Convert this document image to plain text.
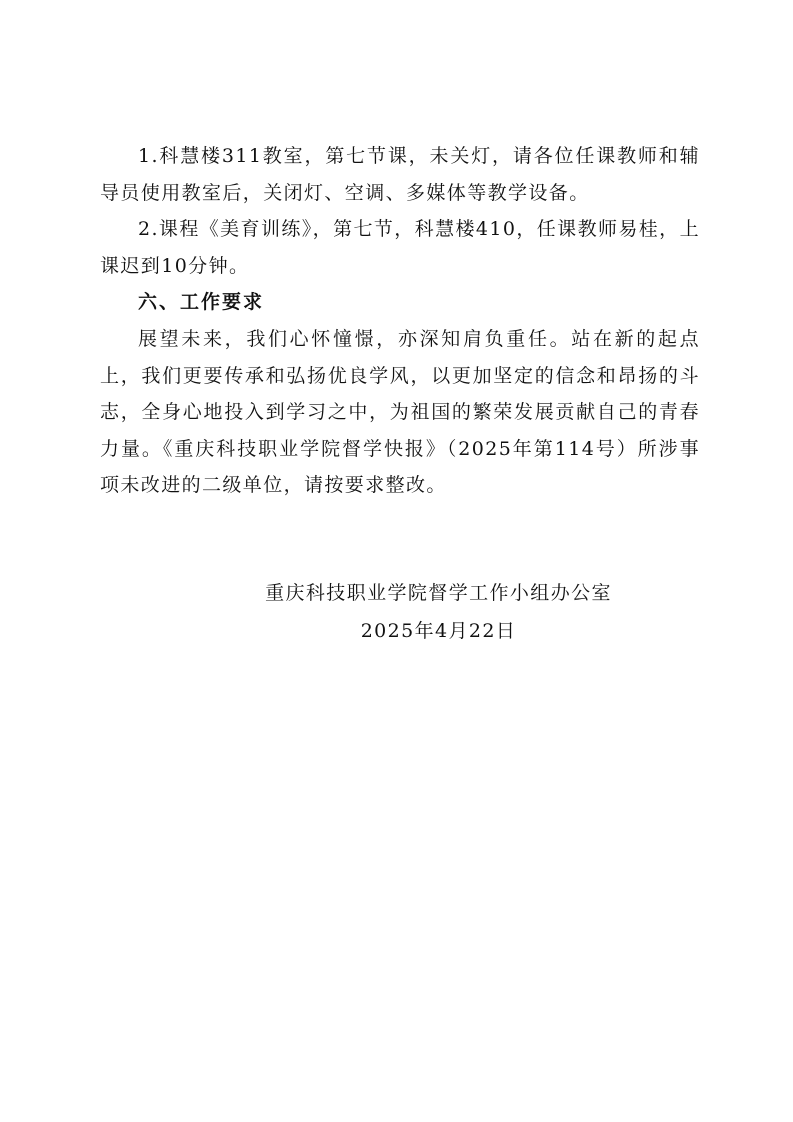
1.科慧楼311教室，第七节课，未关灯，请各位任课教师和辅导员使用教室后，关闭灯、空调、多媒体等教学设备。

2.课程《美育训练》，第七节，科慧楼410，任课教师易桂，上课迟到10分钟。

六、工作要求

展望未来，我们心怀憧憬，亦深知肩负重任。站在新的起点上，我们更要传承和弘扬优良学风，以更加坚定的信念和昂扬的斗志，全身心地投入到学习之中，为祖国的繁荣发展贡献自己的青春力量。《重庆科技职业学院督学快报》（2025年第114号）所涉事项未改进的二级单位，请按要求整改。

重庆科技职业学院督学工作小组办公室
2025年4月22日
